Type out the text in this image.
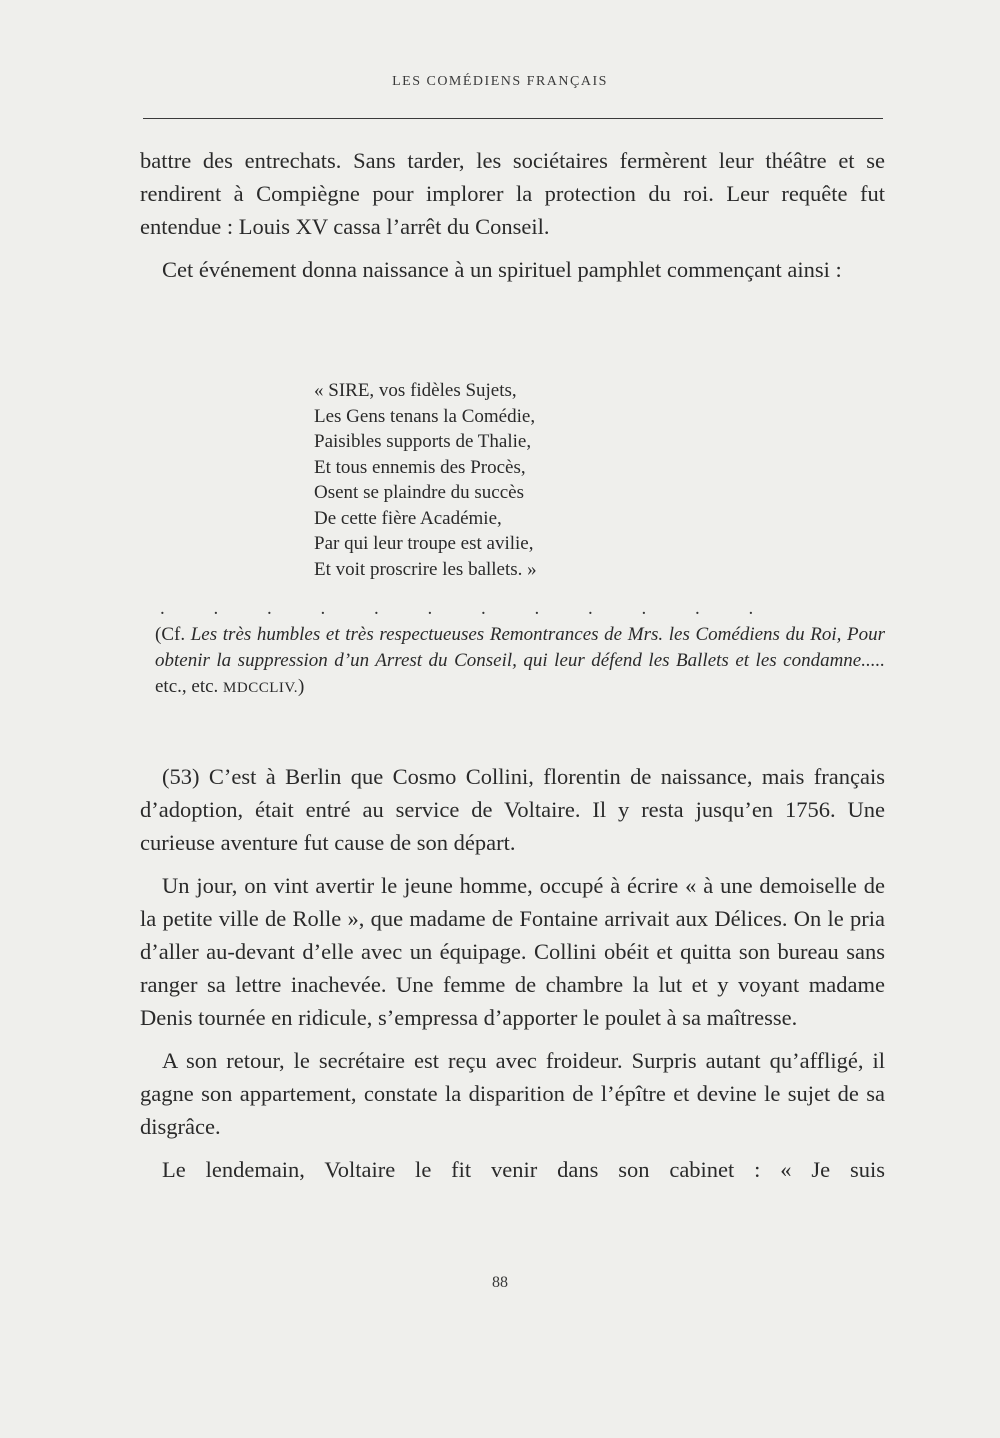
LES COMÉDIENS FRANÇAIS

battre des entrechats. Sans tarder, les sociétaires fermèrent leur théâtre et se rendirent à Compiègne pour implorer la protection du roi. Leur requête fut entendue : Louis XV cassa l’arrêt du Conseil.

Cet événement donna naissance à un spirituel pamphlet commençant ainsi :

« SIRE, vos fidèles Sujets,
Les Gens tenans la Comédie,
Paisibles supports de Thalie,
Et tous ennemis des Procès,
Osent se plaindre du succès
De cette fière Académie,
Par qui leur troupe est avilie,
Et voit proscrire les ballets. »
. . . . . . . . . . . .
(Cf. Les très humbles et très respectueuses Remontrances de Mrs. les Comédiens du Roi, Pour obtenir la suppression d’un Arrest du Conseil, qui leur défend les Ballets et les condamne..... etc., etc. MDCCLIV.)

(53) C’est à Berlin que Cosmo Collini, florentin de naissance, mais français d’adoption, était entré au service de Voltaire. Il y resta jusqu’en 1756. Une curieuse aventure fut cause de son départ.

Un jour, on vint avertir le jeune homme, occupé à écrire « à une demoiselle de la petite ville de Rolle », que madame de Fontaine arrivait aux Délices. On le pria d’aller au-devant d’elle avec un équipage. Collini obéit et quitta son bureau sans ranger sa lettre inachevée. Une femme de chambre la lut et y voyant madame Denis tournée en ridicule, s’empressa d’apporter le poulet à sa maîtresse.

A son retour, le secrétaire est reçu avec froideur. Surpris autant qu’affligé, il gagne son appartement, constate la disparition de l’épître et devine le sujet de sa disgrâce.

Le lendemain, Voltaire le fit venir dans son cabinet : « Je suis

88
